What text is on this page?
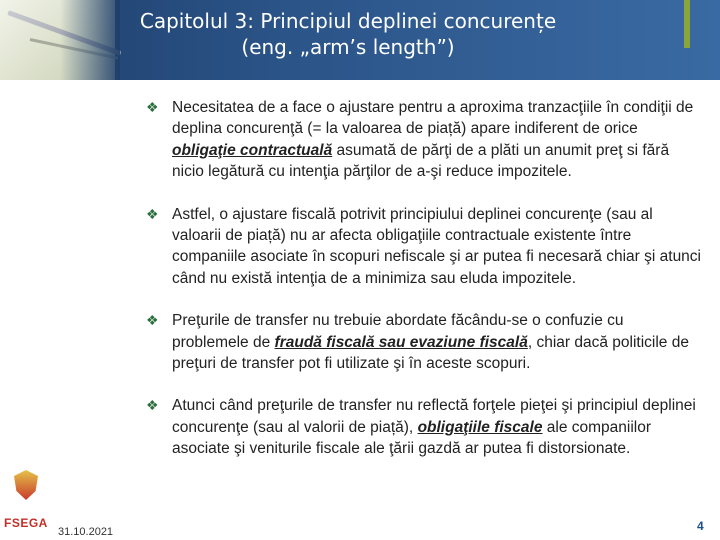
Capitolul 3: Principiul deplinei concurențe
(eng. „arm’s length”)
❖ Necesitatea de a face o ajustare pentru a aproxima tranzacţiile în condiţii de deplina concurenţă (= la valoarea de piață) apare indiferent de orice obligaţie contractuală asumată de părţi de a plăti un anumit preţ si fără nicio legătură cu intenţia părţilor de a-şi reduce impozitele.
❖ Astfel, o ajustare fiscală potrivit principiului deplinei concurenţe (sau al valoarii de piață) nu ar afecta obligaţiile contractuale existente între companiile asociate în scopuri nefiscale şi ar putea fi necesară chiar şi atunci când nu există intenţia de a minimiza sau eluda impozitele.
❖ Preţurile de transfer nu trebuie abordate făcându-se o confuzie cu problemele de fraudă fiscală sau evaziune fiscală, chiar dacă politicile de preţuri de transfer pot fi utilizate şi în aceste scopuri.
❖ Atunci când preţurile de transfer nu reflectă forţele pieţei şi principiul deplinei concurenţe (sau al valorii de piață), obligaţiile fiscale ale companiilor asociate şi veniturile fiscale ale ţării gazdă ar putea fi distorsionate.
FSEGA
31.10.2021	4
